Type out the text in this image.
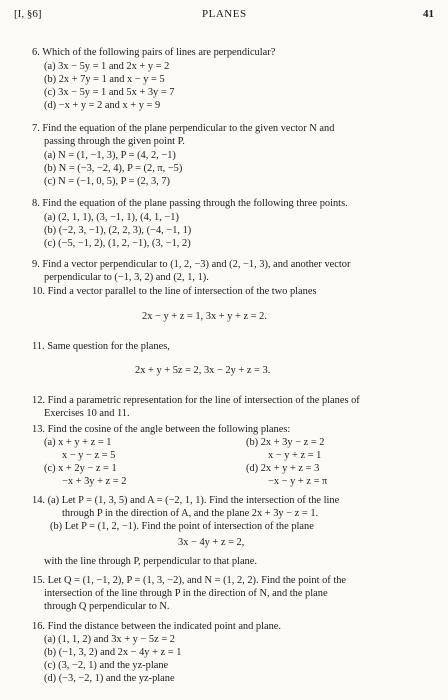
[I, §6]	PLANES	41
6. Which of the following pairs of lines are perpendicular?
(a) 3x − 5y = 1 and 2x + y = 2
(b) 2x + 7y = 1 and x − y = 5
(c) 3x − 5y = 1 and 5x + 3y = 7
(d) −x + y = 2 and x + y = 9
7. Find the equation of the plane perpendicular to the given vector N and
passing through the given point P.
(a) N = (1, −1, 3), P = (4, 2, −1)
(b) N = (−3, −2, 4), P = (2, π, −5)
(c) N = (−1, 0, 5), P = (2, 3, 7)
8. Find the equation of the plane passing through the following three points.
(a) (2, 1, 1), (3, −1, 1), (4, 1, −1)
(b) (−2, 3, −1), (2, 2, 3), (−4, −1, 1)
(c) (−5, −1, 2), (1, 2, −1), (3, −1, 2)
9. Find a vector perpendicular to (1, 2, −3) and (2, −1, 3), and another vector
perpendicular to (−1, 3, 2) and (2, 1, 1).
10. Find a vector parallel to the line of intersection of the two planes
2x − y + z = 1, 3x + y + z = 2.
11. Same question for the planes,
2x + y + 5z = 2, 3x − 2y + z = 3.
12. Find a parametric representation for the line of intersection of the planes of
Exercises 10 and 11.
13. Find the cosine of the angle between the following planes:
(a) x + y + z = 1
x − y − z = 5
(c) x + 2y − z = 1
−x + 3y + z = 2
(b) 2x + 3y − z = 2
x − y + z = 1
(d) 2x + y + z = 3
−x − y + z = π
14. (a) Let P = (1, 3, 5) and A = (−2, 1, 1). Find the intersection of the line
through P in the direction of A, and the plane 2x + 3y − z = 1.
(b) Let P = (1, 2, −1). Find the point of intersection of the plane
3x − 4y + z = 2,
with the line through P, perpendicular to that plane.
15. Let Q = (1, −1, 2), P = (1, 3, −2), and N = (1, 2, 2). Find the point of the
intersection of the line through P in the direction of N, and the plane
through Q perpendicular to N.
16. Find the distance between the indicated point and plane.
(a) (1, 1, 2) and 3x + y − 5z = 2
(b) (−1, 3, 2) and 2x − 4y + z = 1
(c) (3, −2, 1) and the yz-plane
(d) (−3, −2, 1) and the yz-plane
